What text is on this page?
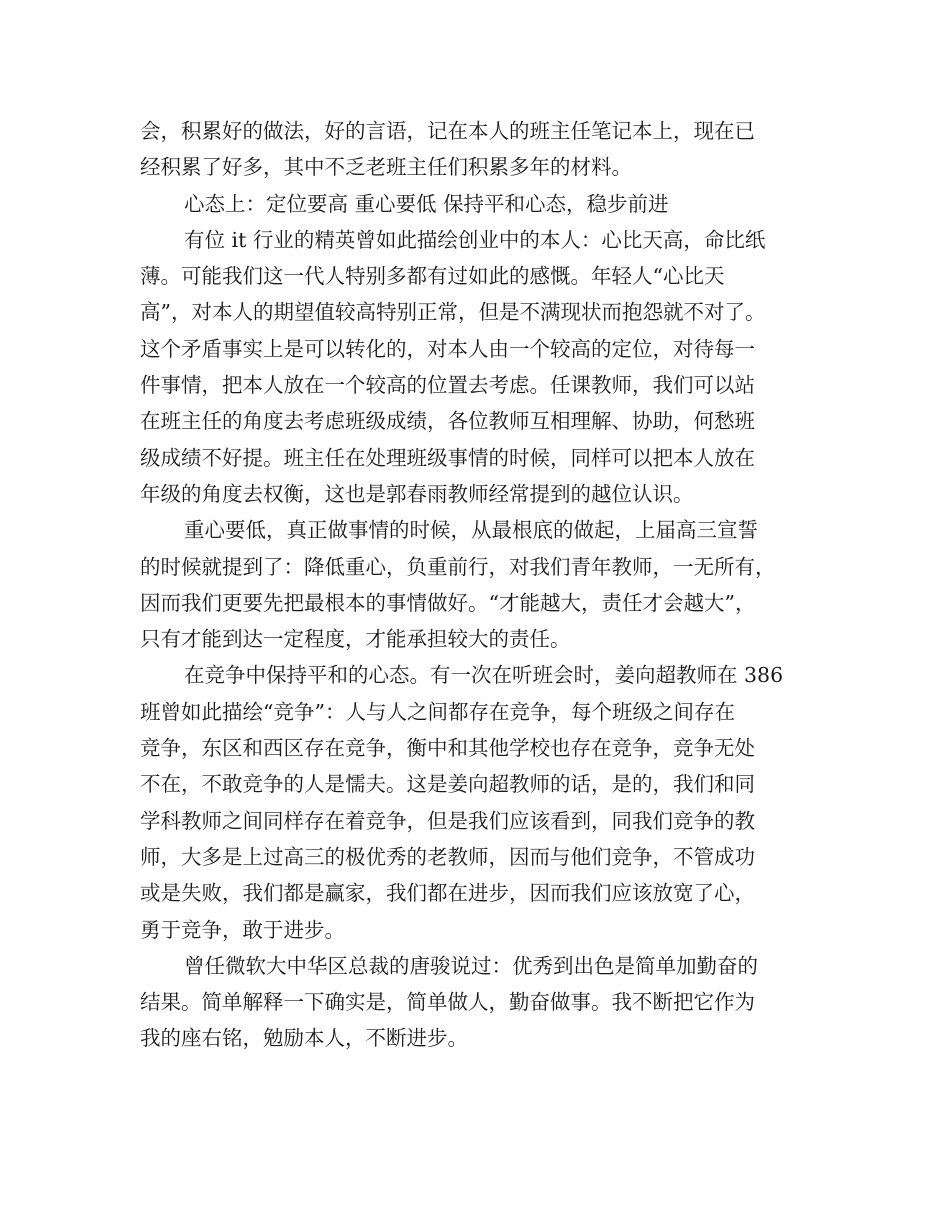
会，积累好的做法，好的言语，记在本人的班主任笔记本上，现在已
经积累了好多，其中不乏老班主任们积累多年的材料。
心态上：定位要高 重心要低 保持平和心态，稳步前进
有位 it 行业的精英曾如此描绘创业中的本人：心比天高，命比纸
薄。可能我们这一代人特别多都有过如此的感慨。年轻人“心比天
高”，对本人的期望值较高特别正常，但是不满现状而抱怨就不对了。
这个矛盾事实上是可以转化的，对本人由一个较高的定位，对待每一
件事情，把本人放在一个较高的位置去考虑。任课教师，我们可以站
在班主任的角度去考虑班级成绩，各位教师互相理解、协助，何愁班
级成绩不好提。班主任在处理班级事情的时候，同样可以把本人放在
年级的角度去权衡，这也是郭春雨教师经常提到的越位认识。
重心要低，真正做事情的时候，从最根底的做起，上届高三宣誓
的时候就提到了：降低重心，负重前行，对我们青年教师，一无所有，
因而我们更要先把最根本的事情做好。“才能越大，责任才会越大”，
只有才能到达一定程度，才能承担较大的责任。
在竞争中保持平和的心态。有一次在听班会时，姜向超教师在 386
班曾如此描绘“竞争”：人与人之间都存在竞争，每个班级之间存在
竞争，东区和西区存在竞争，衡中和其他学校也存在竞争，竞争无处
不在，不敢竞争的人是懦夫。这是姜向超教师的话，是的，我们和同
学科教师之间同样存在着竞争，但是我们应该看到，同我们竞争的教
师，大多是上过高三的极优秀的老教师，因而与他们竞争，不管成功
或是失败，我们都是赢家，我们都在进步，因而我们应该放宽了心，
勇于竞争，敢于进步。
曾任微软大中华区总裁的唐骏说过：优秀到出色是简单加勤奋的
结果。简单解释一下确实是，简单做人，勤奋做事。我不断把它作为
我的座右铭，勉励本人，不断进步。
